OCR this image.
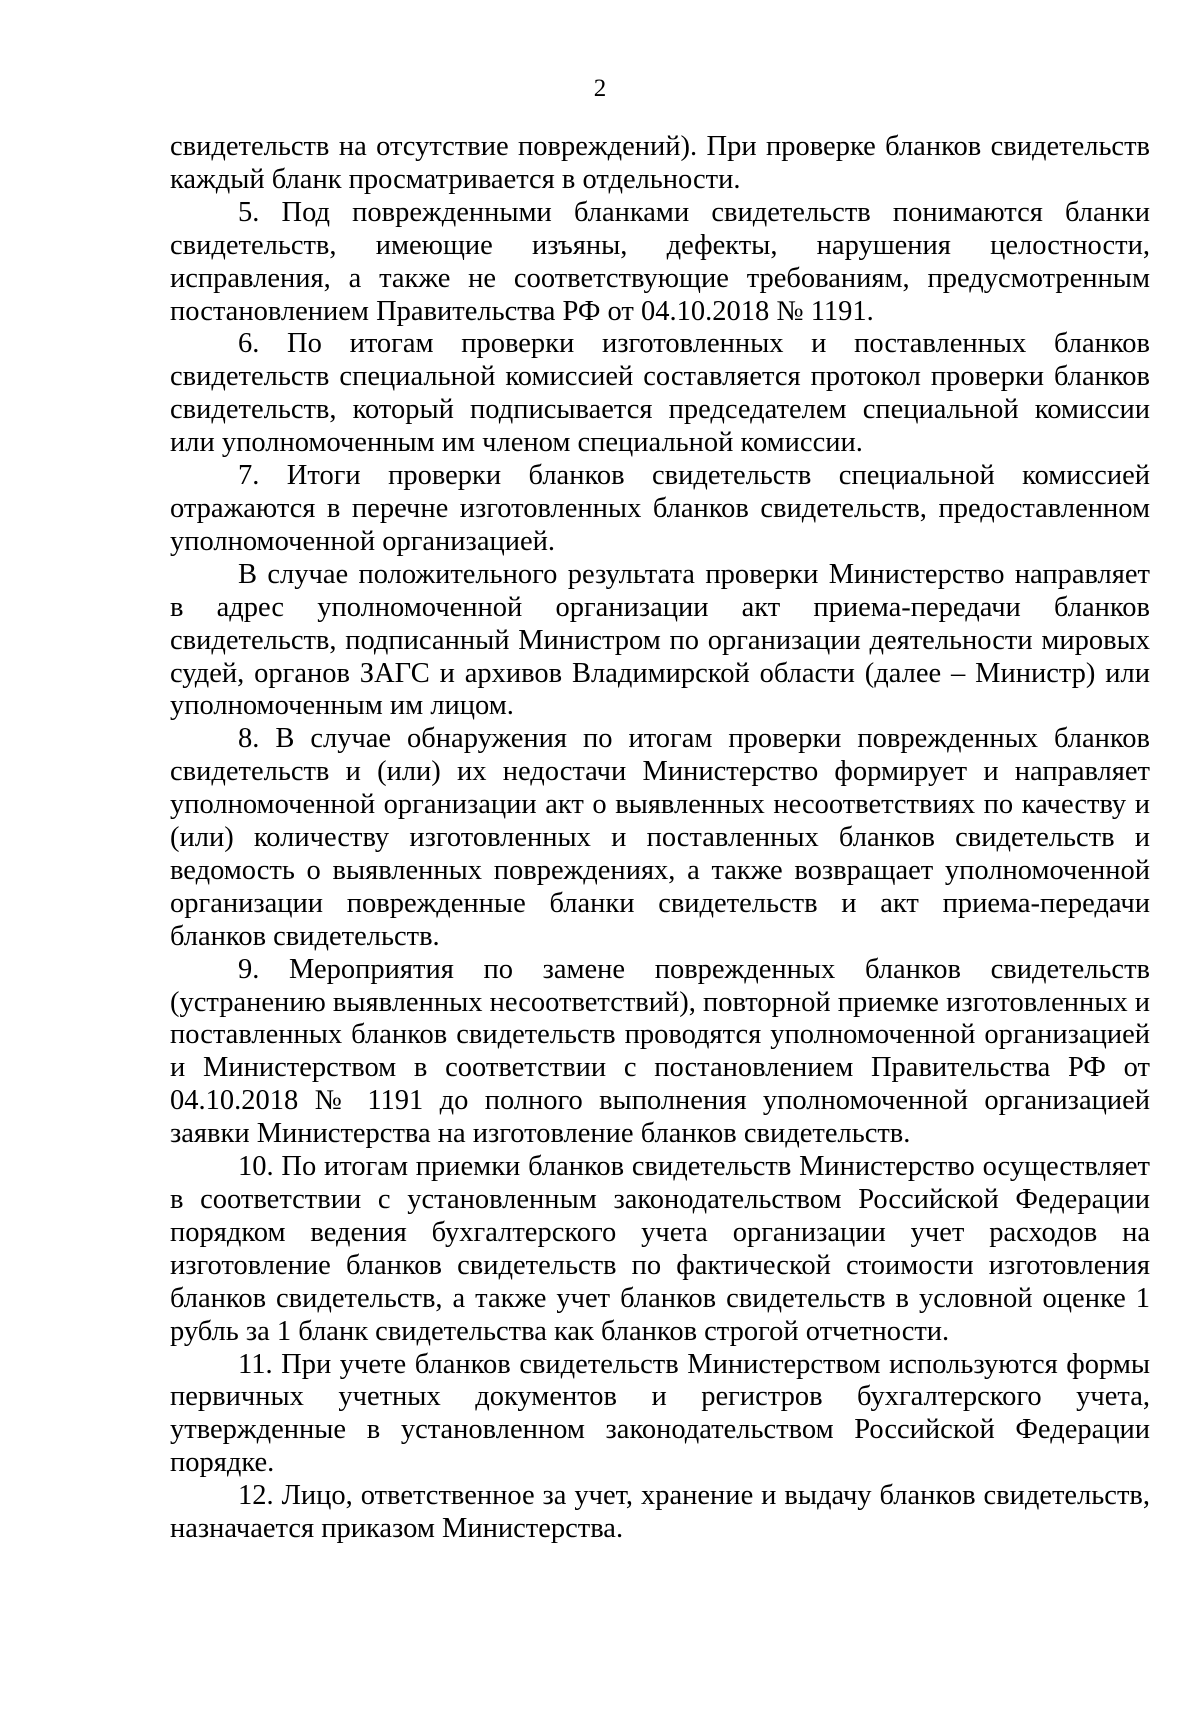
2

свидетельств на отсутствие повреждений). При проверке бланков свидетельств каждый бланк просматривается в отдельности.

5. Под поврежденными бланками свидетельств понимаются бланки свидетельств, имеющие изъяны, дефекты, нарушения целостности, исправления, а также не соответствующие требованиям, предусмотренным постановлением Правительства РФ от 04.10.2018 № 1191.

6. По итогам проверки изготовленных и поставленных бланков свидетельств специальной комиссией составляется протокол проверки бланков свидетельств, который подписывается председателем специальной комиссии или уполномоченным им членом специальной комиссии.

7. Итоги проверки бланков свидетельств специальной комиссией отражаются в перечне изготовленных бланков свидетельств, предоставленном уполномоченной организацией.

В случае положительного результата проверки Министерство направляет в адрес уполномоченной организации акт приема-передачи бланков свидетельств, подписанный Министром по организации деятельности мировых судей, органов ЗАГС и архивов Владимирской области (далее – Министр) или уполномоченным им лицом.

8. В случае обнаружения по итогам проверки поврежденных бланков свидетельств и (или) их недостачи Министерство формирует и направляет уполномоченной организации акт о выявленных несоответствиях по качеству и (или) количеству изготовленных и поставленных бланков свидетельств и ведомость о выявленных повреждениях, а также возвращает уполномоченной организации поврежденные бланки свидетельств и акт приема-передачи бланков свидетельств.

9. Мероприятия по замене поврежденных бланков свидетельств (устранению выявленных несоответствий), повторной приемке изготовленных и поставленных бланков свидетельств проводятся уполномоченной организацией и Министерством в соответствии с постановлением Правительства РФ от 04.10.2018 № 1191 до полного выполнения уполномоченной организацией заявки Министерства на изготовление бланков свидетельств.

10. По итогам приемки бланков свидетельств Министерство осуществляет в соответствии с установленным законодательством Российской Федерации порядком ведения бухгалтерского учета организации учет расходов на изготовление бланков свидетельств по фактической стоимости изготовления бланков свидетельств, а также учет бланков свидетельств в условной оценке 1 рубль за 1 бланк свидетельства как бланков строгой отчетности.

11. При учете бланков свидетельств Министерством используются формы первичных учетных документов и регистров бухгалтерского учета, утвержденные в установленном законодательством Российской Федерации порядке.

12. Лицо, ответственное за учет, хранение и выдачу бланков свидетельств, назначается приказом Министерства.
